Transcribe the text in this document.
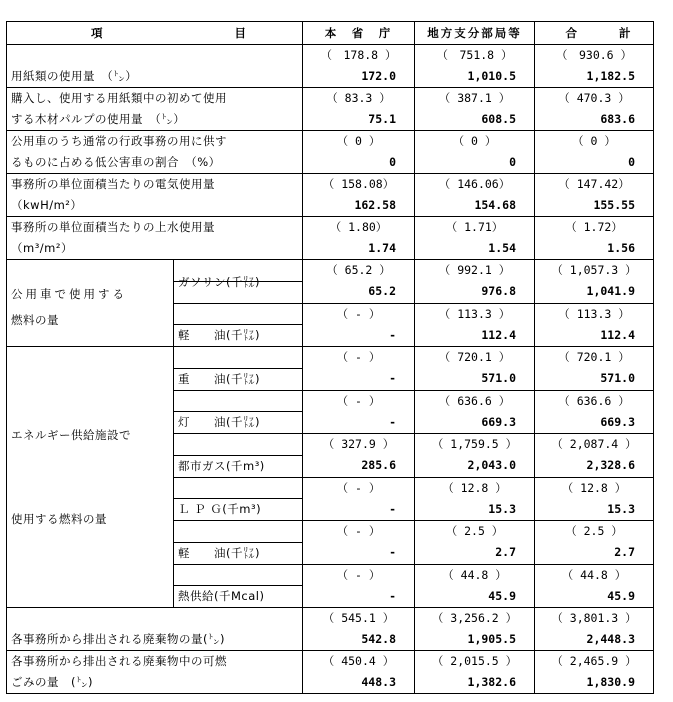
項 目		本　省　庁	地方支分部局等	合 計
		（　178.8 ）	（　751.8 ）	（　930.6 ）
用紙類の使用量　（㌧）		172.0	1,010.5	1,182.5
購入し、使用する用紙類中の初めて使用		（ 83.3 ）	（ 387.1 ）	（ 470.3 ）
する木材パルプの使用量　（㌧）		75.1	608.5	683.6
公用車のうち通常の行政事務の用に供す		（ 0 ）	（ 0 ）	（ 0 ）
るものに占める低公害車の割合　（%）		0	0	0
事務所の単位面積当たりの電気使用量		（ 158.08）	（ 146.06）	（ 147.42）
（kwH/m²）		162.58	154.68	155.55
事務所の単位面積当たりの上水使用量		（ 1.80）	（ 1.71）	（ 1.72）
（m³/m²）		1.74	1.54	1.56

公用車で使用する
燃料の量		（ 65.2 ）	（ 992.1 ）	（ 1,057.3 ）
	ガソリン(千㍑)	65.2	976.8	1,041.9
		（ - ）	（ 113.3 ）	（ 113.3 ）
	軽　　油(千㍑)	-	112.4	112.4

エネルギー供給施設で
使用する燃料の量		（ - ）	（ 720.1 ）	（ 720.1 ）
	重　　油(千㍑)	-	571.0	571.0
		（ - ）	（ 636.6 ）	（ 636.6 ）
	灯　　油(千㍑)	-	669.3	669.3
		（ 327.9 ）	（ 1,759.5 ）	（ 2,087.4 ）
	都市ガス(千m³)	285.6	2,043.0	2,328.6
		（ - ）	（ 12.8 ）	（ 12.8 ）
	Ｌ Ｐ Ｇ(千m³)	-	15.3	15.3
		（ - ）	（ 2.5 ）	（ 2.5 ）
	軽　　油(千㍑)	-	2.7	2.7
		（ - ）	（ 44.8 ）	（ 44.8 ）
	熱供給(千Mcal)	-	45.9	45.9
		（ 545.1 ）	（ 3,256.2 ）	（ 3,801.3 ）
各事務所から排出される廃棄物の量(㌧)		542.8	1,905.5	2,448.3
各事務所から排出される廃棄物中の可燃		（ 450.4 ）	（ 2,015.5 ）	（ 2,465.9 ）
ごみの量　(㌧)		448.3	1,382.6	1,830.9
